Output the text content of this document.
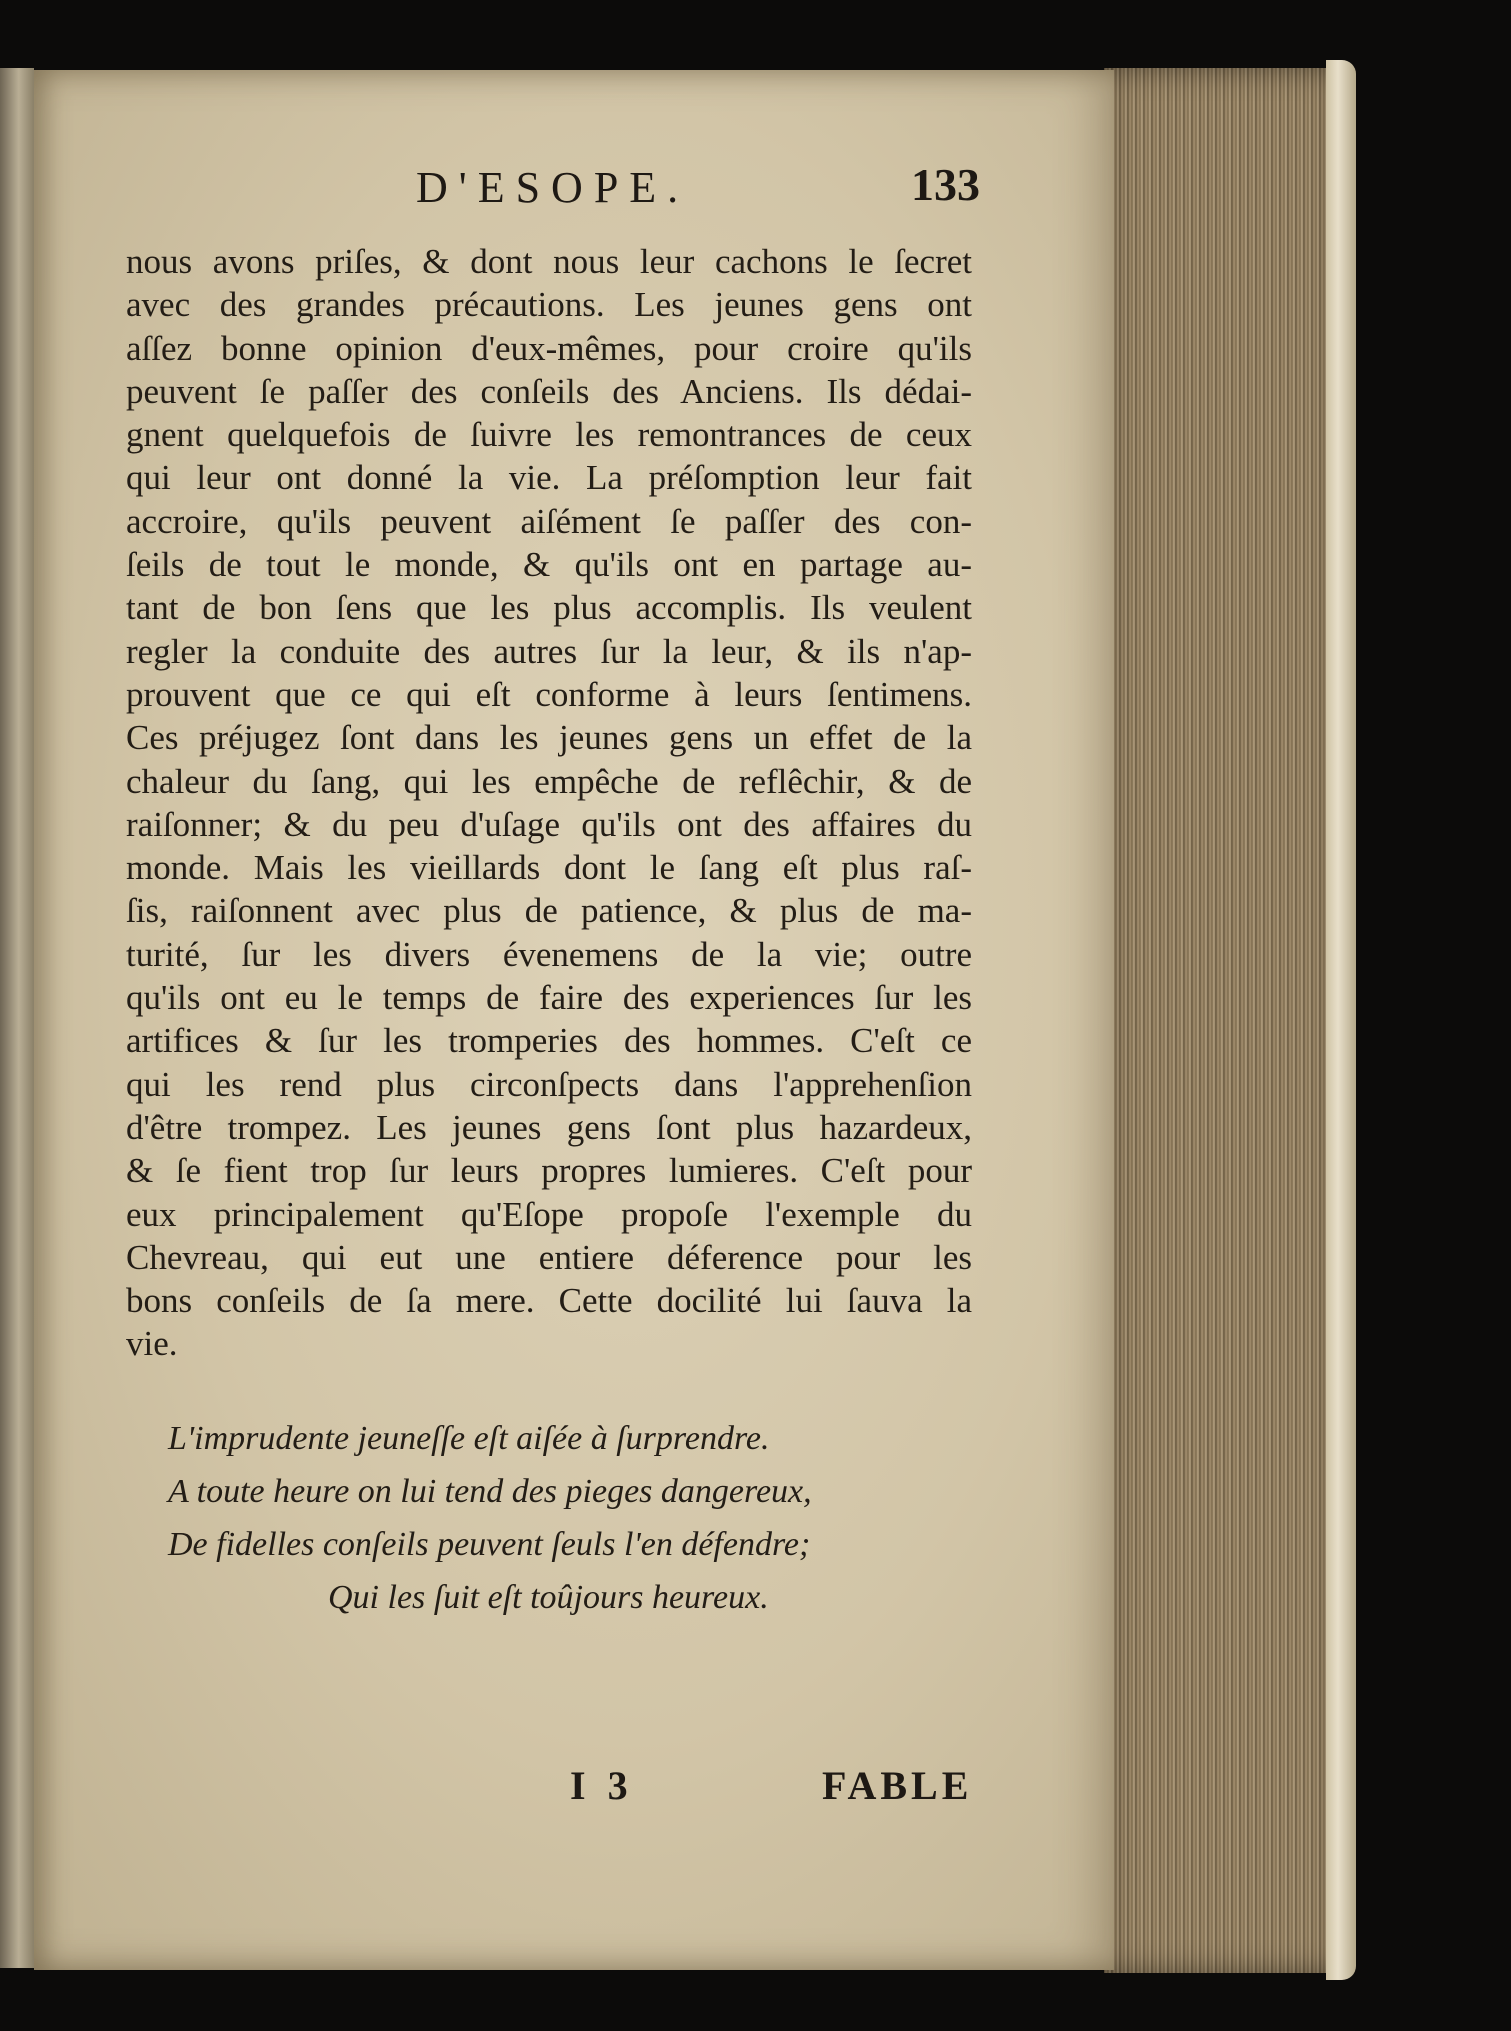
D'ESOPE.	133
nous avons priſes, & dont nous leur cachons le ſecret
avec des grandes précautions. Les jeunes gens ont
aſſez bonne opinion d'eux-mêmes, pour croire qu'ils
peuvent ſe paſſer des conſeils des Anciens. Ils dédai-
gnent quelquefois de ſuivre les remontrances de ceux
qui leur ont donné la vie. La préſomption leur fait
accroire, qu'ils peuvent aiſément ſe paſſer des con-
ſeils de tout le monde, & qu'ils ont en partage au-
tant de bon ſens que les plus accomplis. Ils veulent
regler la conduite des autres ſur la leur, & ils n'ap-
prouvent que ce qui eſt conforme à leurs ſentimens.
Ces préjugez ſont dans les jeunes gens un effet de la
chaleur du ſang, qui les empêche de reflêchir, & de
raiſonner; & du peu d'uſage qu'ils ont des affaires du
monde. Mais les vieillards dont le ſang eſt plus raſ-
ſis, raiſonnent avec plus de patience, & plus de ma-
turité, ſur les divers évenemens de la vie; outre
qu'ils ont eu le temps de faire des experiences ſur les
artifices & ſur les tromperies des hommes. C'eſt ce
qui les rend plus circonſpects dans l'apprehenſion
d'être trompez. Les jeunes gens ſont plus hazardeux,
& ſe fient trop ſur leurs propres lumieres. C'eſt pour
eux principalement qu'Eſope propoſe l'exemple du
Chevreau, qui eut une entiere déference pour les
bons conſeils de ſa mere. Cette docilité lui ſauva la
vie.
L'imprudente jeuneſſe eſt aiſée à ſurprendre.
A toute heure on lui tend des pieges dangereux,
De fidelles conſeils peuvent ſeuls l'en défendre;
Qui les ſuit eſt toûjours heureux.
I 3	FABLE
